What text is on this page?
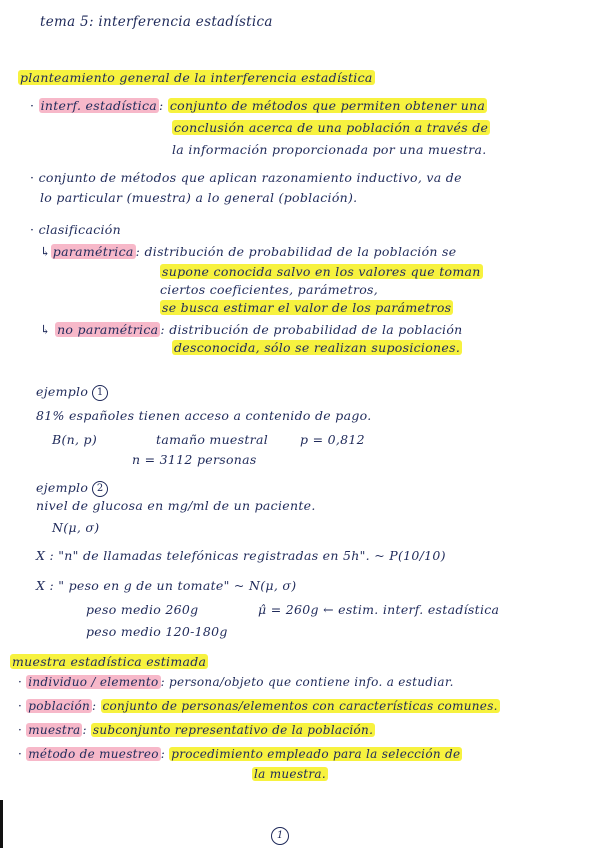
tema 5: interferencia estadística
planteamiento general de la interferencia estadística
· interf. estadística : conjunto de métodos que permiten obtener una
conclusión acerca de una población a través de
la información proporcionada por una muestra.
· conjunto de métodos que aplican razonamiento inductivo, va de
lo particular (muestra) a lo general (población).
· clasificación
↳ paramétrica : distribución de probabilidad de la población se
supone conocida salvo en los valores que toman
ciertos coeficientes, parámetros,
se busca estimar el valor de los parámetros
↳ no paramétrica : distribución de probabilidad de la población
desconocida, sólo se realizan suposiciones.
ejemplo 1
81% españoles tienen acceso a contenido de pago.
B(n, p)	tamaño muestral	p = 0,812
n = 3112 personas
ejemplo 2
nivel de glucosa en mg/ml de un paciente.
N(μ, σ)
X : "n" de llamadas telefónicas registradas en 5h". ~ P(10/10)
X : " peso en g de un tomate" ~ N(μ, σ)
peso medio 260g	μ̂ = 260g ← estim. interf. estadística
peso medio 120-180g
muestra estadística estimada
· individuo / elemento : persona/objeto que contiene info. a estudiar.
· población : conjunto de personas/elementos con características comunes.
· muestra : subconjunto representativo de la población.
· método de muestreo : procedimiento empleado para la selección de
la muestra.
1
